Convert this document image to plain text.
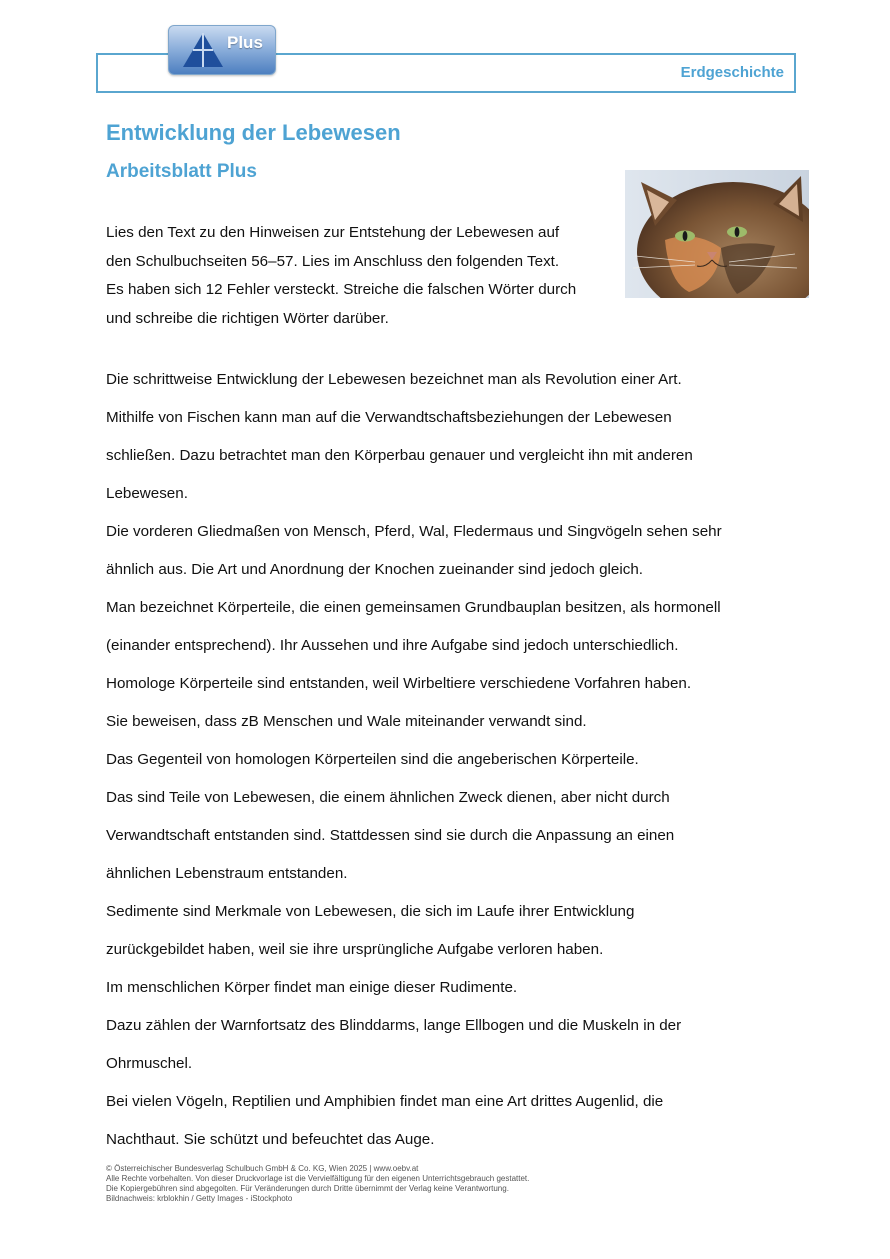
Erdgeschichte
Plus
Entwicklung der Lebewesen
Arbeitsblatt Plus

Lies den Text zu den Hinweisen zur Entstehung der Lebewesen auf

den Schulbuchseiten 56–57. Lies im Anschluss den folgenden Text.

Es haben sich 12 Fehler versteckt. Streiche die falschen Wörter durch

und schreibe die richtigen Wörter darüber.

Die schrittweise Entwicklung der Lebewesen bezeichnet man als Revolution einer Art.

Mithilfe von Fischen kann man auf die Verwandtschaftsbeziehungen der Lebewesen

schließen. Dazu betrachtet man den Körperbau genauer und vergleicht ihn mit anderen

Lebewesen.

Die vorderen Gliedmaßen von Mensch, Pferd, Wal, Fledermaus und Singvögeln sehen sehr

ähnlich aus. Die Art und Anordnung der Knochen zueinander sind jedoch gleich.

Man bezeichnet Körperteile, die einen gemeinsamen Grundbauplan besitzen, als hormonell

(einander entsprechend). Ihr Aussehen und ihre Aufgabe sind jedoch unterschiedlich.

Homologe Körperteile sind entstanden, weil Wirbeltiere verschiedene Vorfahren haben.

Sie beweisen, dass zB Menschen und Wale miteinander verwandt sind.

Das Gegenteil von homologen Körperteilen sind die angeberischen Körperteile.

Das sind Teile von Lebewesen, die einem ähnlichen Zweck dienen, aber nicht durch

Verwandtschaft entstanden sind. Stattdessen sind sie durch die Anpassung an einen

ähnlichen Lebenstraum entstanden.

Sedimente sind Merkmale von Lebewesen, die sich im Laufe ihrer Entwicklung

zurückgebildet haben, weil sie ihre ursprüngliche Aufgabe verloren haben.

Im menschlichen Körper findet man einige dieser Rudimente.

Dazu zählen der Warnfortsatz des Blinddarms, lange Ellbogen und die Muskeln in der

Ohrmuschel.

Bei vielen Vögeln, Reptilien und Amphibien findet man eine Art drittes Augenlid, die

Nachthaut. Sie schützt und befeuchtet das Auge.

© Österreichischer Bundesverlag Schulbuch GmbH & Co. KG, Wien 2025 | www.oebv.at

Alle Rechte vorbehalten. Von dieser Druckvorlage ist die Vervielfältigung für den eigenen Unterrichtsgebrauch gestattet.

Die Kopiergebühren sind abgegolten. Für Veränderungen durch Dritte übernimmt der Verlag keine Verantwortung.

Bildnachweis: krblokhin / Getty Images - iStockphoto
